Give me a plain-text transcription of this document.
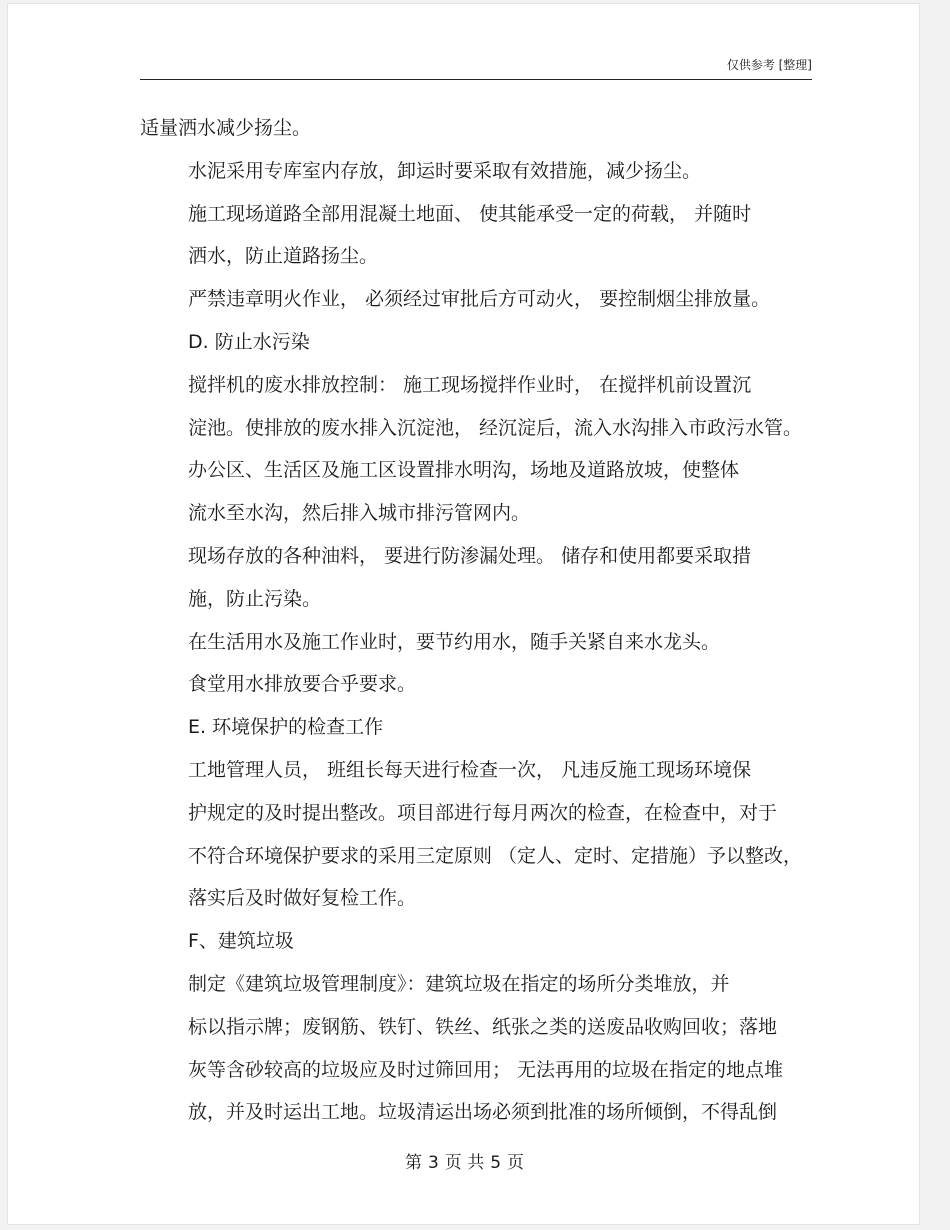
仅供参考 [整理]

适量洒水减少扬尘。

水泥采用专库室内存放，卸运时要采取有效措施，减少扬尘。

施工现场道路全部用混凝土地面、 使其能承受一定的荷载， 并随时
洒水，防止道路扬尘。

严禁违章明火作业， 必须经过审批后方可动火， 要控制烟尘排放量。

D. 防止水污染

搅拌机的废水排放控制： 施工现场搅拌作业时， 在搅拌机前设置沉
淀池。使排放的废水排入沉淀池， 经沉淀后，流入水沟排入市政污水管。

办公区、生活区及施工区设置排水明沟，场地及道路放坡，使整体
流水至水沟，然后排入城市排污管网内。

现场存放的各种油料， 要进行防渗漏处理。 储存和使用都要采取措
施，防止污染。

在生活用水及施工作业时，要节约用水，随手关紧自来水龙头。

食堂用水排放要合乎要求。

E. 环境保护的检查工作

工地管理人员， 班组长每天进行检查一次， 凡违反施工现场环境保
护规定的及时提出整改。项目部进行每月两次的检查，在检查中，对于
不符合环境保护要求的采用三定原则 （定人、定时、定措施）予以整改，
落实后及时做好复检工作。

F、建筑垃圾

制定《建筑垃圾管理制度》：建筑垃圾在指定的场所分类堆放，并
标以指示牌；废钢筋、铁钉、铁丝、纸张之类的送废品收购回收；落地
灰等含砂较高的垃圾应及时过筛回用； 无法再用的垃圾在指定的地点堆
放，并及时运出工地。垃圾清运出场必须到批准的场所倾倒，不得乱倒

第 3 页 共 5 页
